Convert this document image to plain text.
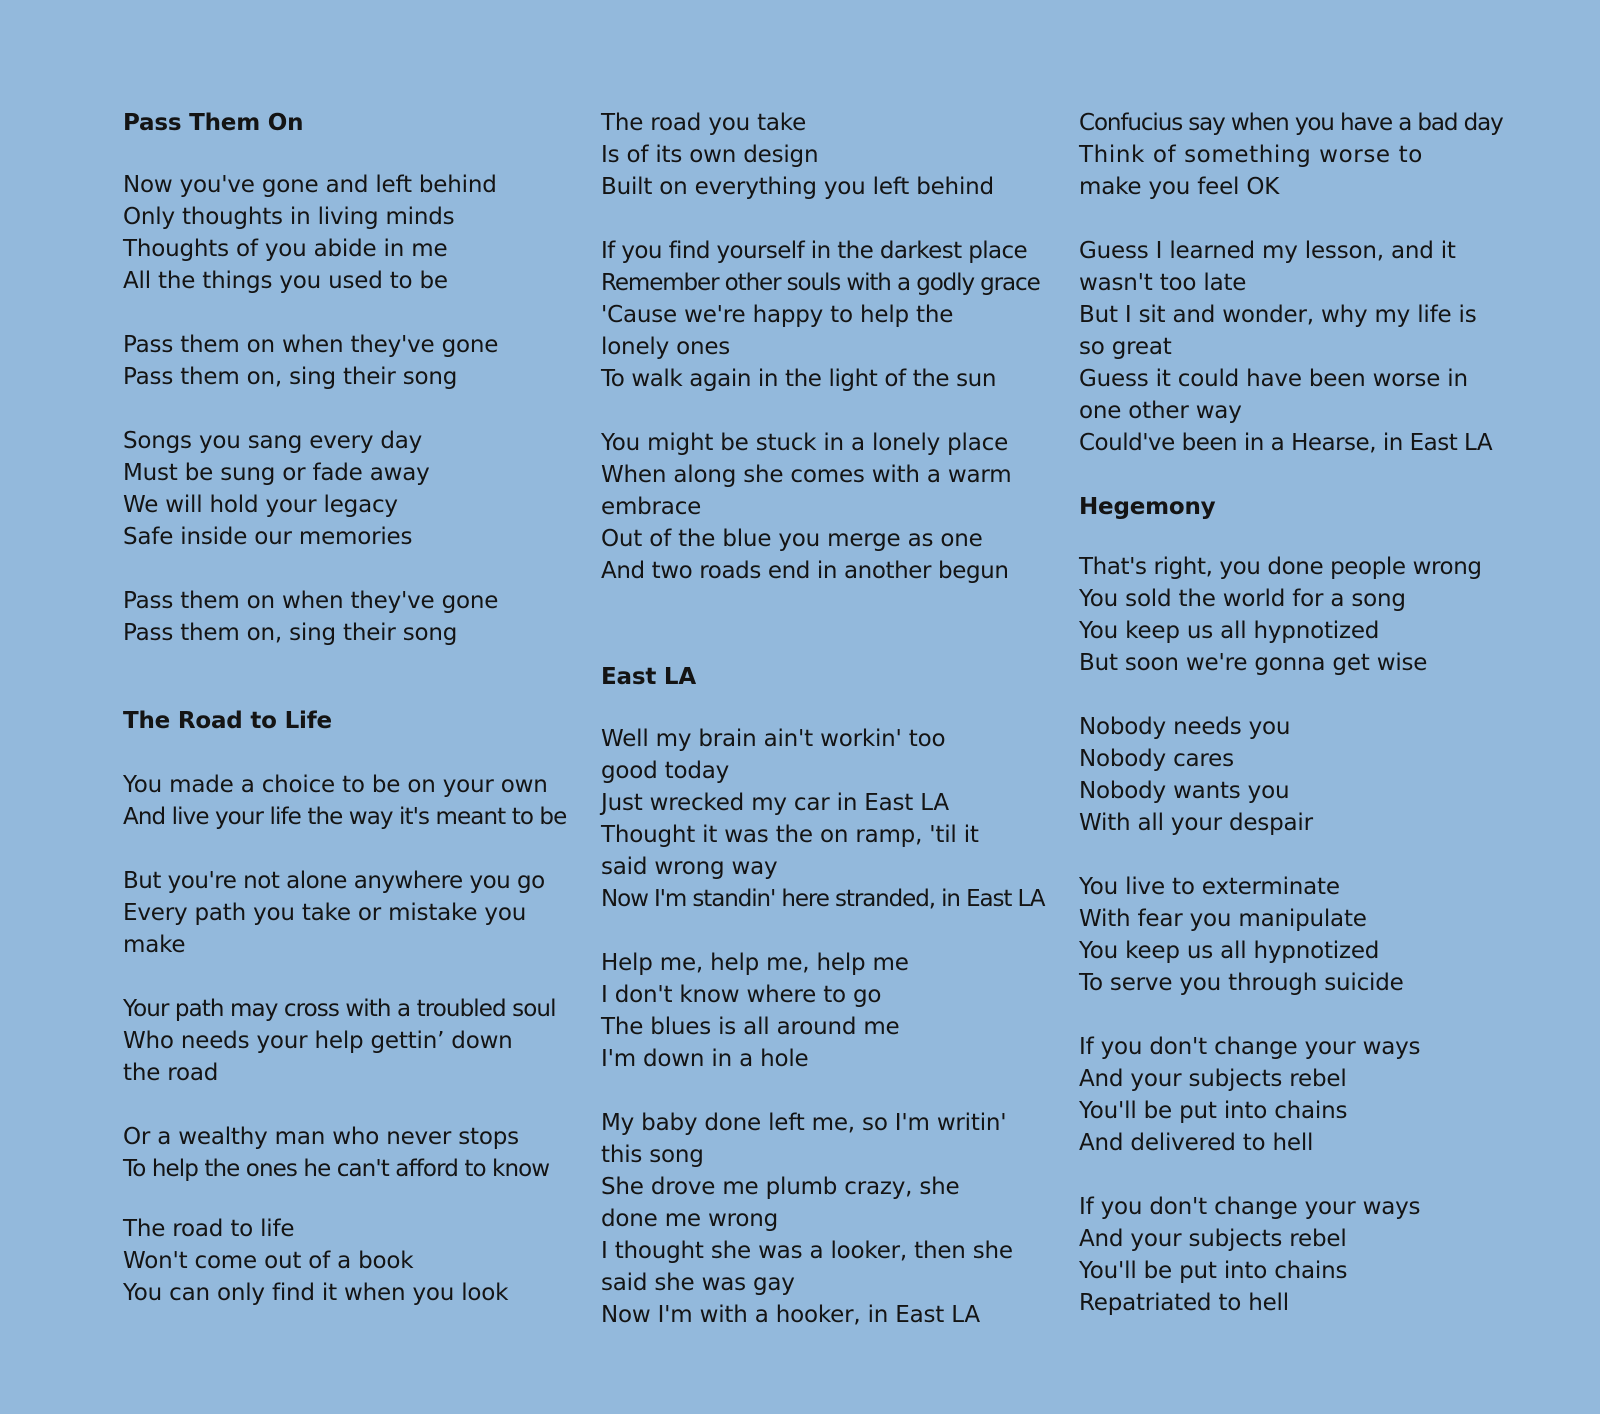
Pass Them On
Now you've gone and left behind
Only thoughts in living minds
Thoughts of you abide in me
All the things you used to be
Pass them on when they've gone
Pass them on, sing their song
Songs you sang every day
Must be sung or fade away
We will hold your legacy
Safe inside our memories
Pass them on when they've gone
Pass them on, sing their song
The Road to Life
You made a choice to be on your own
And live your life the way it's meant to be
But you're not alone anywhere you go
Every path you take or mistake you
make
Your path may cross with a troubled soul
Who needs your help gettin’ down
the road
Or a wealthy man who never stops
To help the ones he can't afford to know
The road to life
Won't come out of a book
You can only find it when you look
The road you take
Is of its own design
Built on everything you left behind
If you find yourself in the darkest place
Remember other souls with a godly grace
'Cause we're happy to help the
lonely ones
To walk again in the light of the sun
You might be stuck in a lonely place
When along she comes with a warm
embrace
Out of the blue you merge as one
And two roads end in another begun
East LA
Well my brain ain't workin' too
good today
Just wrecked my car in East LA
Thought it was the on ramp, 'til it
said wrong way
Now I'm standin' here stranded, in East LA
Help me, help me, help me
I don't know where to go
The blues is all around me
I'm down in a hole
My baby done left me, so I'm writin'
this song
She drove me plumb crazy, she
done me wrong
I thought she was a looker, then she
said she was gay
Now I'm with a hooker, in East LA
Confucius say when you have a bad day
Think of something worse to
make you feel OK
Guess I learned my lesson, and it
wasn't too late
But I sit and wonder, why my life is
so great
Guess it could have been worse in
one other way
Could've been in a Hearse, in East LA
Hegemony
That's right, you done people wrong
You sold the world for a song
You keep us all hypnotized
But soon we're gonna get wise
Nobody needs you
Nobody cares
Nobody wants you
With all your despair
You live to exterminate
With fear you manipulate
You keep us all hypnotized
To serve you through suicide
If you don't change your ways
And your subjects rebel
You'll be put into chains
And delivered to hell
If you don't change your ways
And your subjects rebel
You'll be put into chains
Repatriated to hell
